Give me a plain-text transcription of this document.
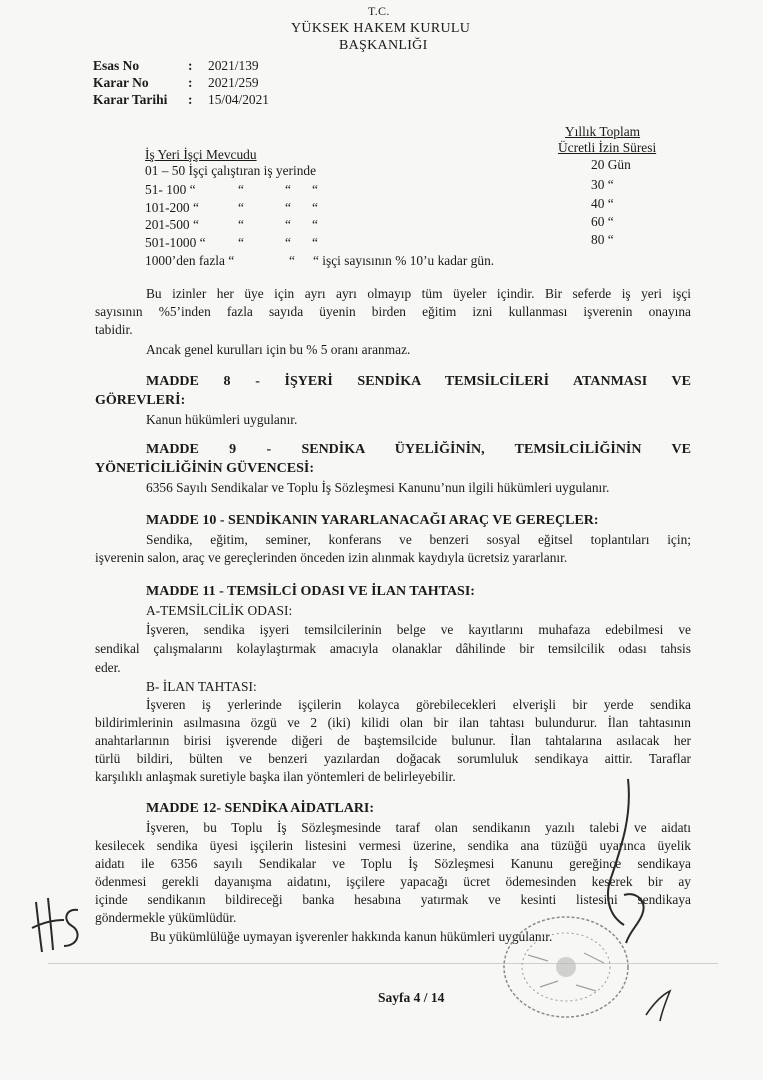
T.C.
YÜKSEK HAKEM KURULU
BAŞKANLIĞI
Esas No	: 2021/139
Karar No	: 2021/259
Karar Tarihi : 15/04/2021
Yıllık Toplam
Ücretli İzin Süresi
İş Yeri İşçi Mevcudu
01 – 50 İşçi çalıştıran iş yerinde	20 Gün
51- 100 “	“	“ “	30 “
101-200 “	“	“ “	40 “
201-500 “	“	“ “	60 “
501-1000 “ “	“ “	80 “
1000’den fazla “	“ “ işçi sayısının % 10’u kadar gün.
Bu izinler her üye için ayrı ayrı olmayıp tüm üyeler içindir. Bir seferde iş yeri işçi
sayısının %5’inden fazla sayıda üyenin birden eğitim izni kullanması işverenin onayına
tabidir.
Ancak genel kurulları için bu % 5 oranı aranmaz.
MADDE 8 - İŞYERİ SENDİKA TEMSİLCİLERİ ATANMASI VE
GÖREVLERİ:
Kanun hükümleri uygulanır.
MADDE 9 - SENDİKA ÜYELİĞİNİN, TEMSİLCİLİĞİNİN VE
YÖNETİCİLİĞİNİN GÜVENCESİ:
6356 Sayılı Sendikalar ve Toplu İş Sözleşmesi Kanunu’nun ilgili hükümleri uygulanır.
MADDE 10 - SENDİKANIN YARARLANACAĞI ARAÇ VE GEREÇLER:
Sendika, eğitim, seminer, konferans ve benzeri sosyal eğitsel toplantıları için;
işverenin salon, araç ve gereçlerinden önceden izin alınmak kaydıyla ücretsiz yararlanır.
MADDE 11 - TEMSİLCİ ODASI VE İLAN TAHTASI:
A-TEMSİLCİLİK ODASI:
İşveren, sendika işyeri temsilcilerinin belge ve kayıtlarını muhafaza edebilmesi ve
sendikal çalışmalarını kolaylaştırmak amacıyla olanaklar dâhilinde bir temsilcilik odası tahsis
eder.
B- İLAN TAHTASI:
İşveren iş yerlerinde işçilerin kolayca görebilecekleri elverişli bir yerde sendika
bildirimlerinin asılmasına özgü ve 2 (iki) kilidi olan bir ilan tahtası bulundurur. İlan tahtasının
anahtarlarının birisi işverende diğeri de baştemsilcide bulunur. İlan tahtalarına asılacak her
türlü bildiri, bülten ve benzeri yazılardan doğacak sorumluluk sendikaya aittir. Taraflar
karşılıklı anlaşmak suretiyle başka ilan yöntemleri de belirleyebilir.
MADDE 12- SENDİKA AİDATLARI:
İşveren, bu Toplu İş Sözleşmesinde taraf olan sendikanın yazılı talebi ve aidatı
kesilecek sendika üyesi işçilerin listesini vermesi üzerine, sendika ana tüzüğü uyarınca üyelik
aidatı ile 6356 sayılı Sendikalar ve Toplu İş Sözleşmesi Kanunu gereğince sendikaya
ödenmesi gerekli dayanışma aidatını, işçilere yapacağı ücret ödemesinden keserek bir ay
içinde sendikanın bildireceği banka hesabına yatırmak ve kesinti listesini sendikaya
göndermekle yükümlüdür.
Bu yükümlülüğe uymayan işverenler hakkında kanun hükümleri uygulanır.
Sayfa 4 / 14
